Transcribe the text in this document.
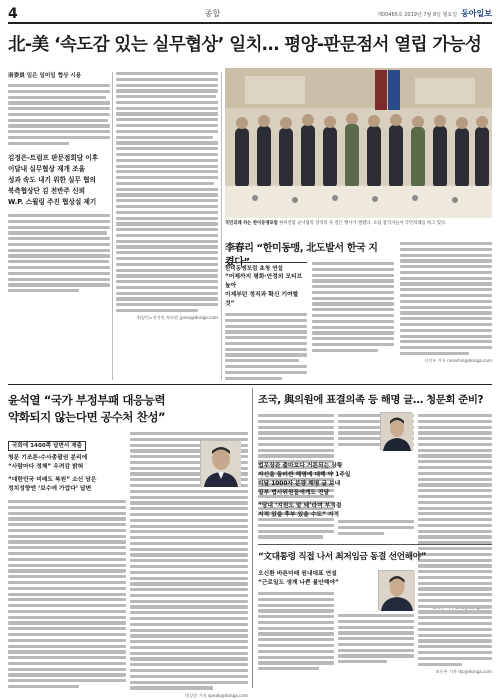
4	종합	제00465호 2019년 7월 8일 월요일 동아일보
北-美 ‘속도감 있는 실무협상’ 일치… 평양-판문점서 열립 가능성
南委員 일은 일미일 협상 시용
김정은-트럼프 판문점회담 이후
이달내 실무협상 재개 조율
성과 속도 내기 위한 실무 협의
북측협상단 김 전반주 신뢰
W.P. 스월링 주진 협상설 제기
워싱턴=정지연 특파원 jyseo@donga.com
국민의례 하는 한미동맹포럼 한미연합 군사협력 상징의 뜻 깊은 행사가 열렸다. 포럼 참석자들이 국민의례를 하고 있다.
李春리 “한미동맹, 北도발서 한국 지켰다”
한미동맹포럼 초청 연설
“어제까지 평화·안정의 모티브 높아
이제부턴 정직과 확신 기여할것”
신진우 기자 niceshin@donga.com
윤석열 “국가 부정부패 대응능력
약화되지 않는다면 공수처 찬성”
국회에 1400쪽 답변서 제출
청문 기조론-수사총괄권 분리에
“사람마다 정체” 우려감 밝혀
“대한민국 미래도 복원” 소신 담은
정치성향엔 ‘보수에 가깝다’ 답변
박상준 기자 speak@donga.com
조국, 與의원에 표결의족 등 해명 글… 청문회 준비?
법무장관 출마보다 거론되는 상황
자신을 둘러싼 해명에 대해 약 1주일
이달 1000자 분량 해명 글 보내
일부 법사위원들에게도 전달
“당내 ‘지원도 말 돼’라며 부적절
지적 있을 후부 있을 수도” 지적
“文대통령 직접 나서 최저임금 동결 선언해야”
오신환 바른미래 원내대표 연설
“근로일도 생계 나쁜 불안해야”
조동주 기자 djc@donga.com
